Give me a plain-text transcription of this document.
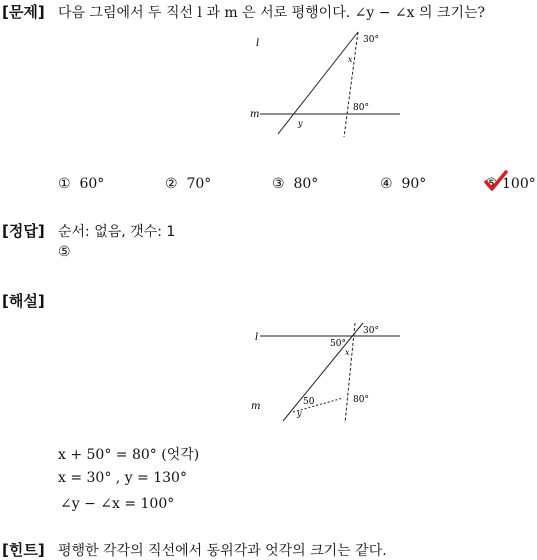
[문제] 다음 그림에서 두 직선 l 과 m 은 서로 평행이다. ∠y − ∠x 의 크기는?
l
m
30°
x
80°
y
① 60°	② 70°	③ 80°	④ 90°	⑤ 100°
[정답] 순서: 없음, 갯수: 1
⑤
[해설]
l
m
30°
50°
x
80°
50
y
x + 50° = 80° (엇각)
x = 30° , y = 130°
∠y − ∠x = 100°
[힌트] 평행한 각각의 직선에서 동위각과 엇각의 크기는 같다.
